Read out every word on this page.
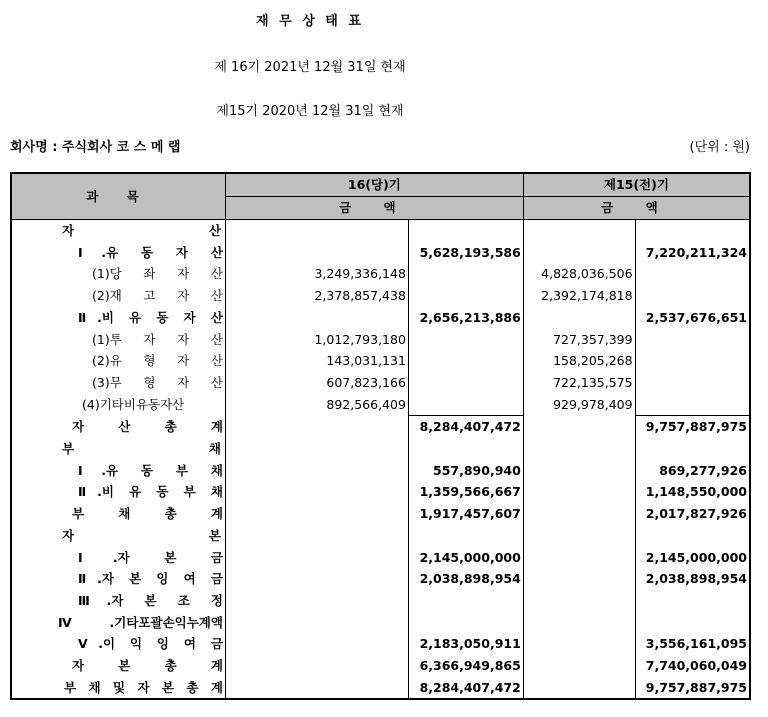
재 무 상 태 표
제 16기 2021년 12월 31일 현재
제15기 2020년 12월 31일 현재
회사명 : 주식회사 코 스 메 랩	(단위 : 원)
과 목	16(당)기		제15(전)기	
	금 액		금 액	
자 산				
Ⅰ.유 동 자 산		5,628,193,586		7,220,211,324
(1)당 좌 자 산	3,249,336,148		4,828,036,506	
(2)재 고 자 산	2,378,857,438		2,392,174,818	
Ⅱ.비 유 동 자 산		2,656,213,886		2,537,676,651
(1)투 자 자 산	1,012,793,180		727,357,399	
(2)유 형 자 산	143,031,131		158,205,268	
(3)무 형 자 산	607,823,166		722,135,575	
(4)기타비유동자산	892,566,409		929,978,409	
자 산 총 계		8,284,407,472		9,757,887,975
부 채				
Ⅰ.유 동 부 채		557,890,940		869,277,926
Ⅱ.비 유 동 부 채		1,359,566,667		1,148,550,000
부 채 총 계		1,917,457,607		2,017,827,926
자 본				
Ⅰ.자 본 금		2,145,000,000		2,145,000,000
Ⅱ.자 본 잉 여 금		2,038,898,954		2,038,898,954
Ⅲ.자 본 조 정				
Ⅳ.기타포괄손익누계액				
Ⅴ.이 익 잉 여 금		2,183,050,911		3,556,161,095
자 본 총 계		6,366,949,865		7,740,060,049
부 채 및 자 본 총 계		8,284,407,472		9,757,887,975
